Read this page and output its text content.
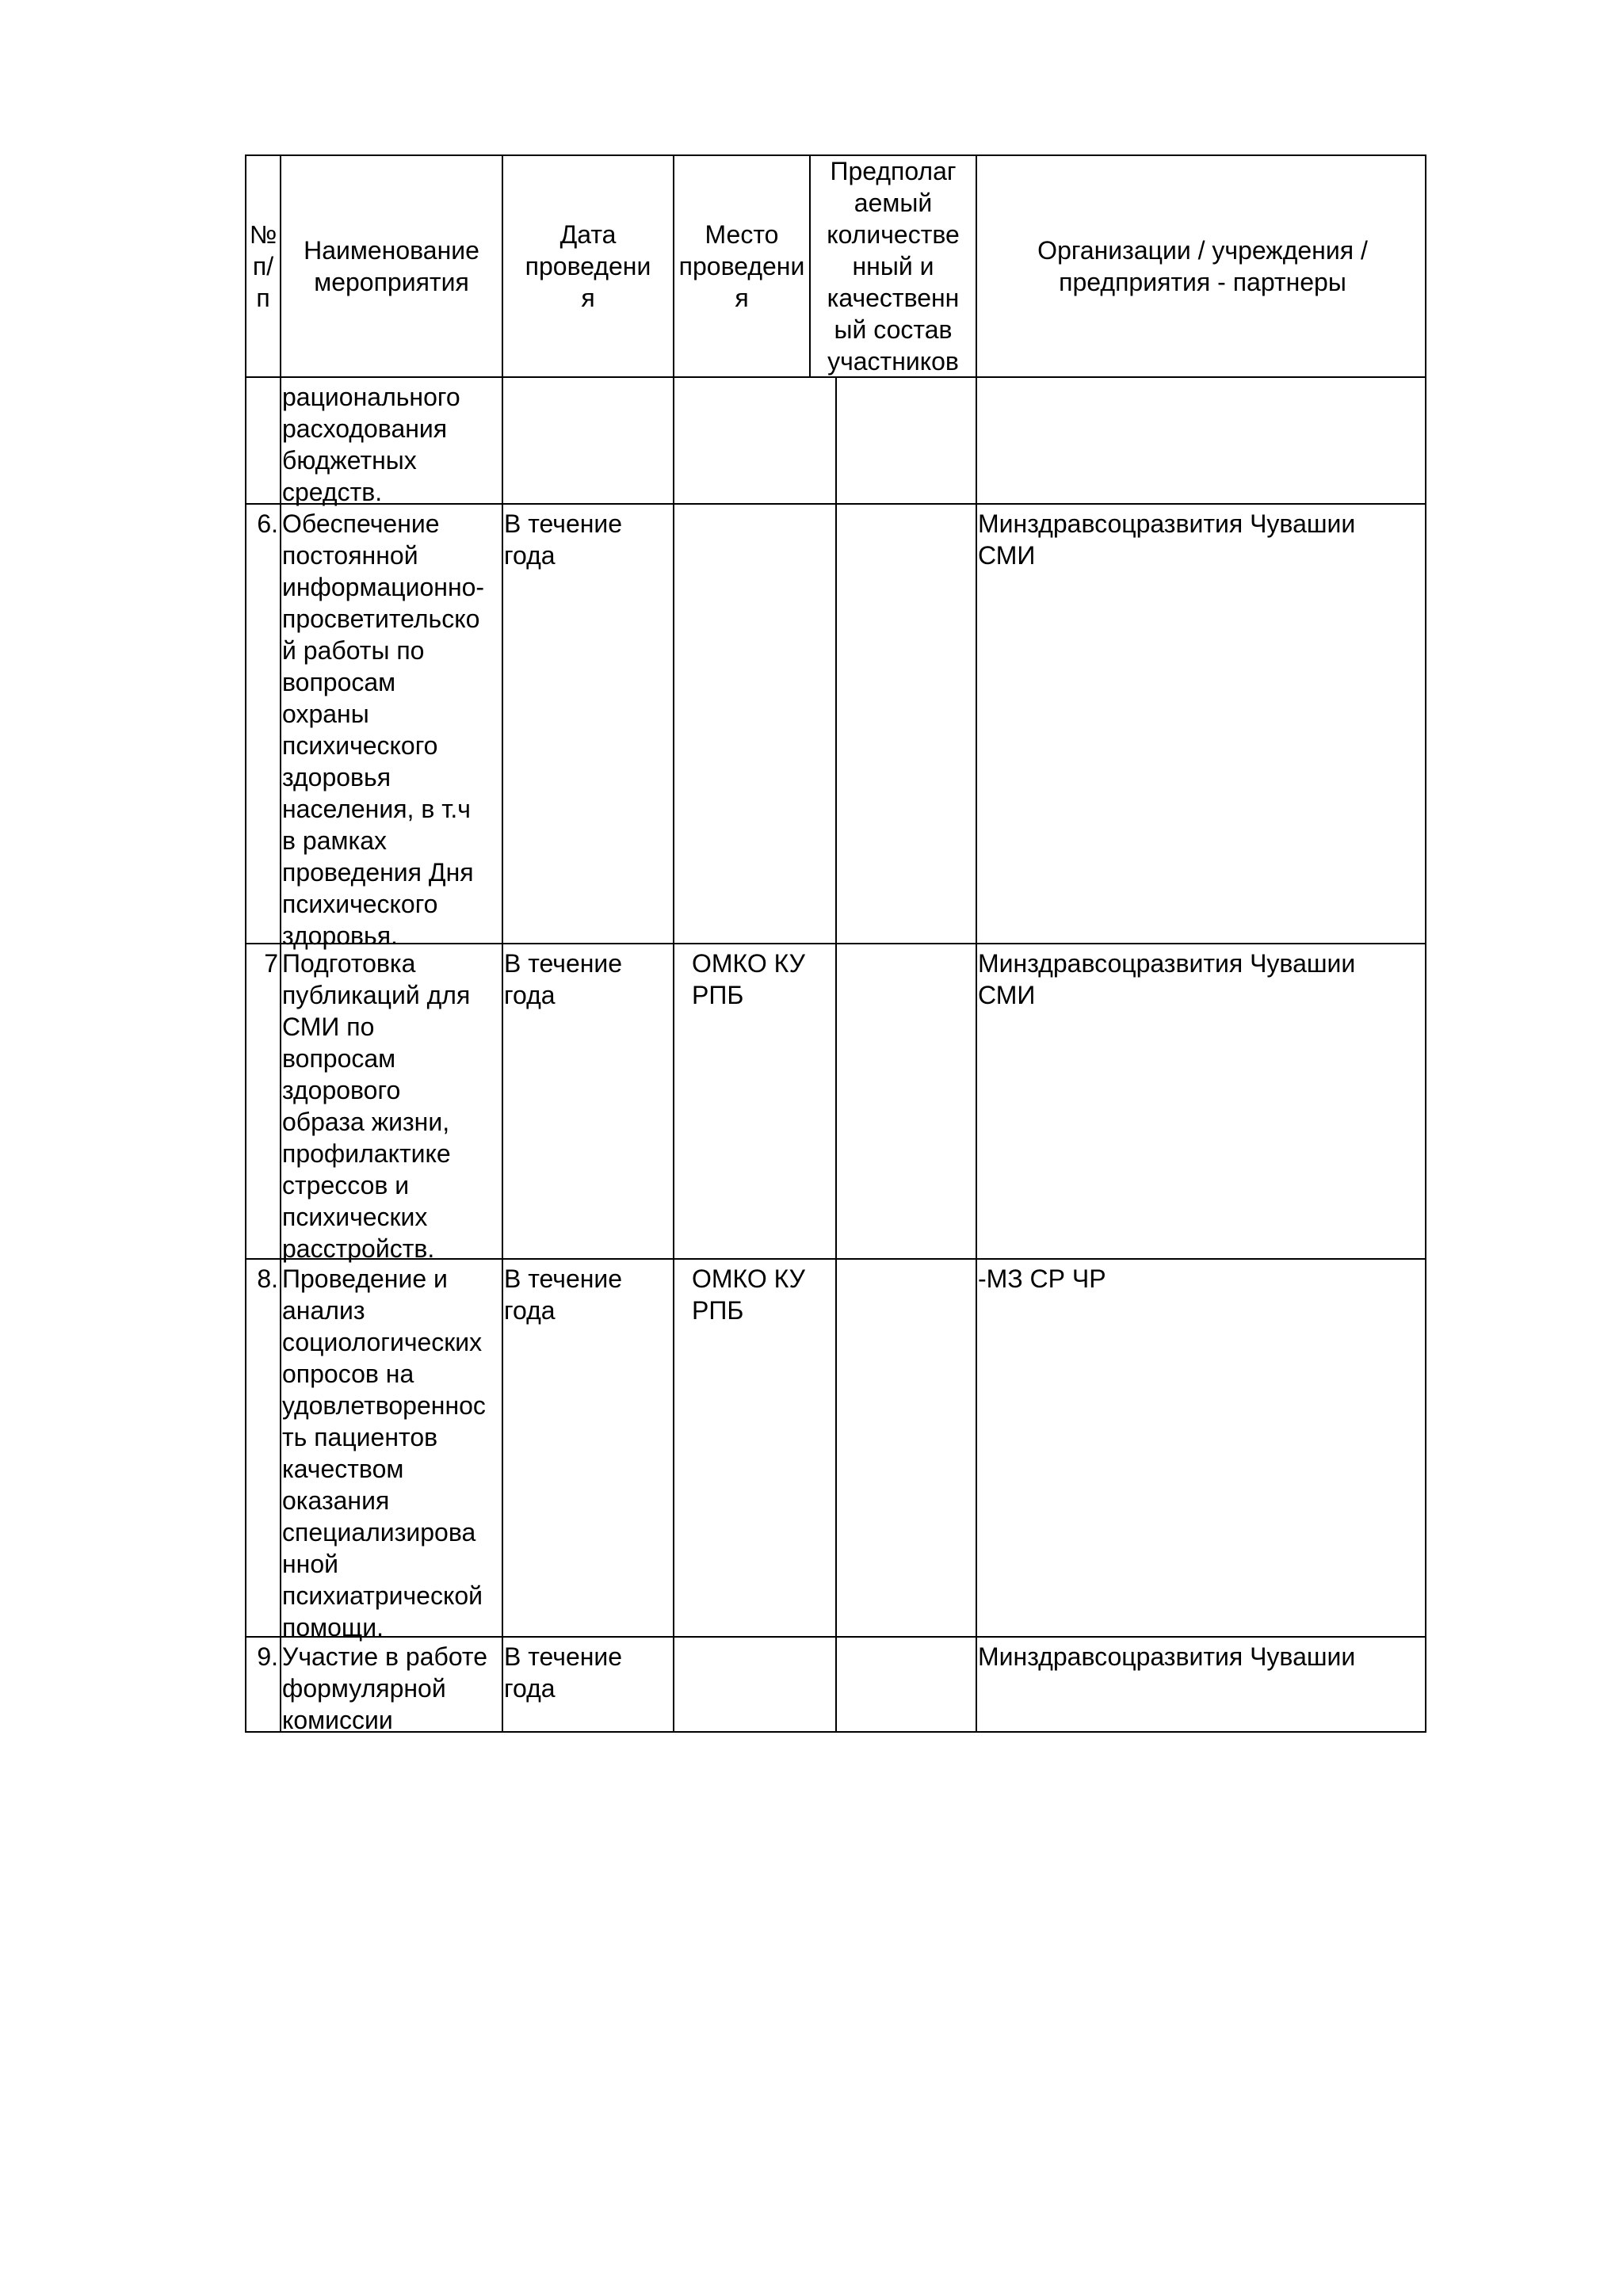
№
п/
п
Наименование
мероприятия
Дата
проведени
я
Место
проведени
я
Предполаг
aемый
количестве
нный и
качественн
ый состав
участников
Организации / учреждения /
предприятия - партнеры
рационального
расходования
бюджетных
средств.
6. Обеспечение
постоянной
информационно-
просветительско
й работы по
вопросам
охраны
психического
здоровья
населения, в т.ч
в рамках
проведения Дня
психического
здоровья.
В течение
года
Минздравсоцразвития Чувашии
СМИ
7 Подготовка
публикаций для
СМИ по
вопросам
здорового
образа жизни,
профилактике
стрессов и
психических
расстройств.
В течение
года
ОМКО КУ
РПБ
Минздравсоцразвития Чувашии
СМИ
8. Проведение и
анализ
социологических
опросов на
удовлетвореннос
ть пациентов
качеством
оказания
специализирова
нной
психиатрической
помощи.
В течение
года
ОМКО КУ
РПБ
-МЗ СР ЧР
9. Участие в работе
формулярной
комиссии
В течение
года
Минздравсоцразвития Чувашии
